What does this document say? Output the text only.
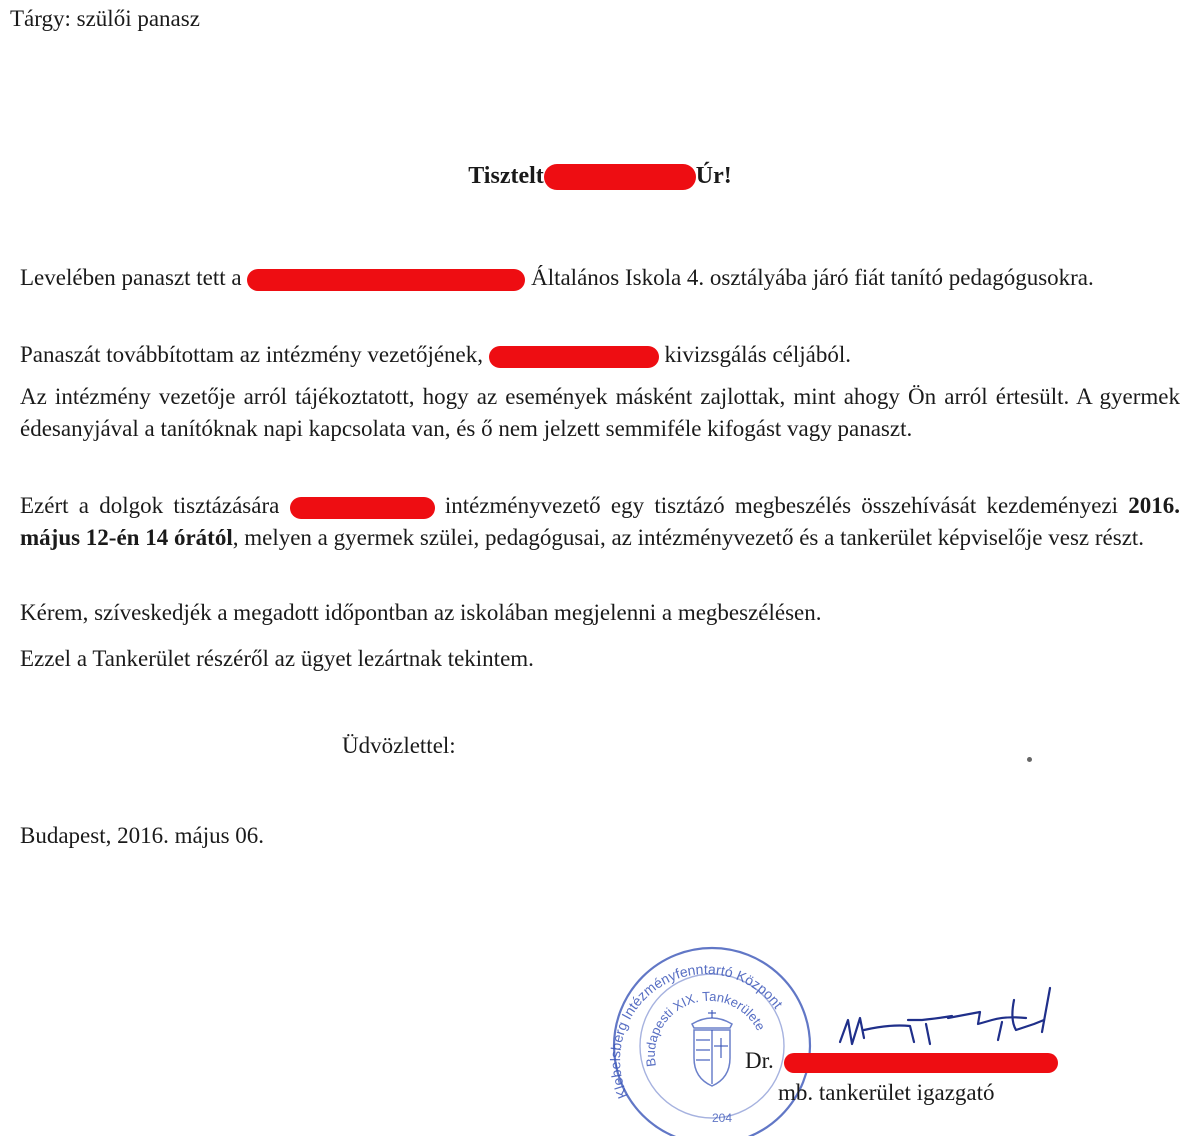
Tárgy: szülői panasz
Tisztelt	Úr!
Levelében panaszt tett a	Általános Iskola 4. osztályába járó fiát tanító pedagógusokra.
Panaszát továbbítottam az intézmény vezetőjének,	kivizsgálás céljából.
Az intézmény vezetője arról tájékoztatott, hogy az események másként zajlottak, mint ahogy Ön arról értesült. A gyermek édesanyjával a tanítóknak napi kapcsolata van, és ő nem jelzett semmiféle kifogást vagy panaszt.
Ezért a dolgok tisztázására	intézményvezető egy tisztázó megbeszélés összehívását kezdeményezi 2016. május 12-én 14 órától, melyen a gyermek szülei, pedagógusai, az intézményvezető és a tankerület képviselője vesz részt.
Kérem, szíveskedjék a megadott időpontban az iskolában megjelenni a megbeszélésen.
Ezzel a Tankerület részéről az ügyet lezártnak tekintem.
Üdvözlettel:
Budapest, 2016. május 06.
Klebelsberg Intézményfenntartó Központ
Budapesti XIX. Tankerülete
204
Dr.
mb. tankerület igazgató
